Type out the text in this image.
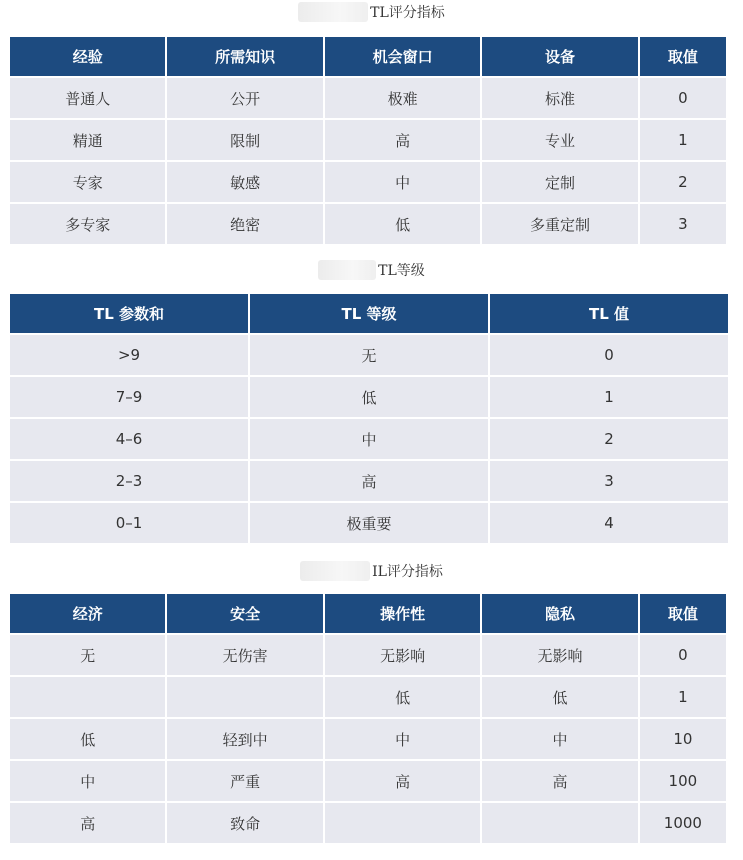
TL评分指标
经验	所需知识	机会窗口	设备	取值
普通人	公开	极难	标准	0
精通	限制	高	专业	1
专家	敏感	中	定制	2
多专家	绝密	低	多重定制	3
TL等级
TL 参数和	TL 等级	TL 值
>9	无	0
7–9	低	1
4–6	中	2
2–3	高	3
0–1	极重要	4
IL评分指标
经济	安全	操作性	隐私	取值
无	无伤害	无影响	无影响	0
		低	低	1
低	轻到中	中	中	10
中	严重	高	高	100
高	致命			1000
